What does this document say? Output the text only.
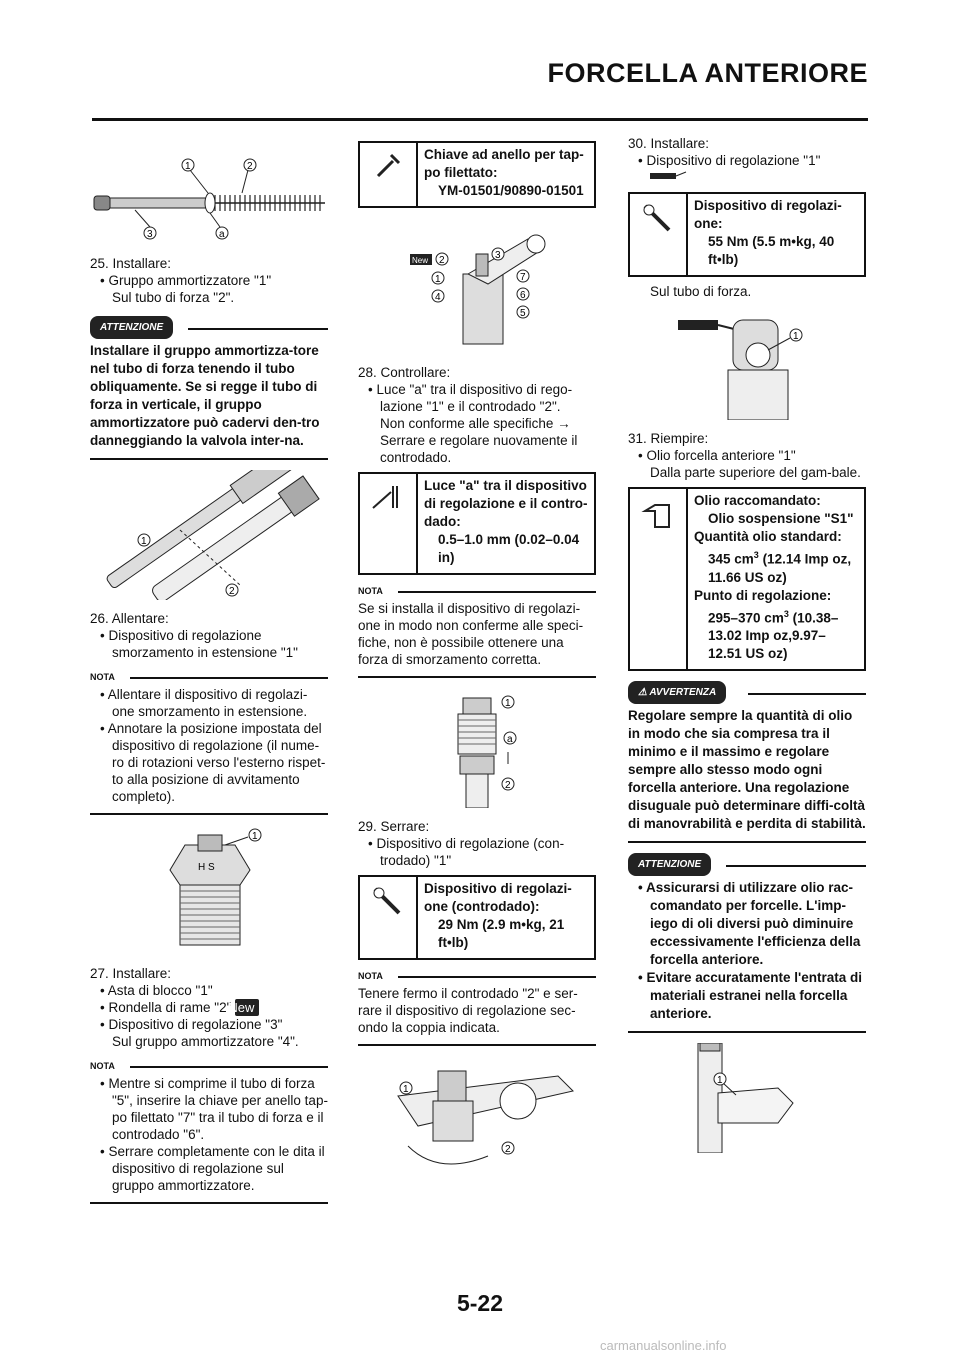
FORCELLA ANTERIORE
1	2
3	a
25. Installare:
• Gruppo ammortizzatore "1"
Sul tubo di forza "2".
ATTENZIONE
Installare il gruppo ammortizza-tore nel tubo di forza tenendo il tubo obliquamente. Se si regge il tubo di forza in verticale, il gruppo ammortizzatore può cadervi den-tro danneggiando la valvola inter-na.
1
2
26. Allentare:
• Dispositivo di regolazione smorzamento in estensione "1"
NOTA
• Allentare il dispositivo di regolazi-one smorzamento in estensione.
• Annotare la posizione impostata del dispositivo di regolazione (il nume-ro di rotazioni verso l'esterno rispet-to alla posizione di avvitamento completo).
H S
1
27. Installare:
• Asta di blocco "1"
• Rondella di rame "2"New
• Dispositivo di regolazione "3"
Sul gruppo ammortizzatore "4".
NOTA
• Mentre si comprime il tubo di forza "5", inserire la chiave per anello tap-po filettato "7" tra il tubo di forza e il controdado "6".
• Serrare completamente con le dita il dispositivo di regolazione sul gruppo ammortizzatore.
Chiave ad anello per tap-po filettato:
YM-01501/90890-01501
New 2
1
4
3
7
6
5
28. Controllare:
• Luce "a" tra il dispositivo di rego-lazione "1" e il controdado "2".
Non conforme alle specifiche →
Serrare e regolare nuovamente il controdado.
Luce "a" tra il dispositivo di regolazione e il contro-dado:
0.5–1.0 mm (0.02–0.04 in)
NOTA
Se si installa il dispositivo di regolazi-one in modo non conferme alle speci-fiche, non è possibile ottenere una forza di smorzamento corretta.
1
a
2
29. Serrare:
• Dispositivo di regolazione (con-trodado) "1"
Dispositivo di regolazi-one (controdado):
29 Nm (2.9 m•kg, 21 ft•lb)
NOTA
Tenere fermo il controdado "2" e ser-rare il dispositivo di regolazione sec-ondo la coppia indicata.
1
2
30. Installare:
• Dispositivo di regolazione "1"
Dispositivo di regolazi-one:
55 Nm (5.5 m•kg, 40 ft•lb)
Sul tubo di forza.
1
31. Riempire:
• Olio forcella anteriore "1"
Dalla parte superiore del gam-bale.
Olio raccomandato:
Olio sospensione "S1"
Quantità olio standard:
345 $cm^3$ (12.14 Imp oz, 11.66 US oz)
Punto di regolazione:
295–370 $cm^3$ (10.38–13.02 Imp oz,9.97–12.51 US oz)
⚠ AVVERTENZA
Regolare sempre la quantità di olio in modo che sia compresa tra il minimo e il massimo e regolare sempre allo stesso modo ogni forcella anteriore. Una regolazione disuguale può determinare diffi-coltà di manovrabilità e perdita di stabilità.
ATTENZIONE
• Assicurarsi di utilizzare olio rac-comandato per forcelle. L'imp-iego di oli diversi può diminuire eccessivamente l'efficienza della forcella anteriore.
• Evitare accuratamente l'entrata di materiali estranei nella forcella anteriore.
1
5-22
carmanualsonline.info
